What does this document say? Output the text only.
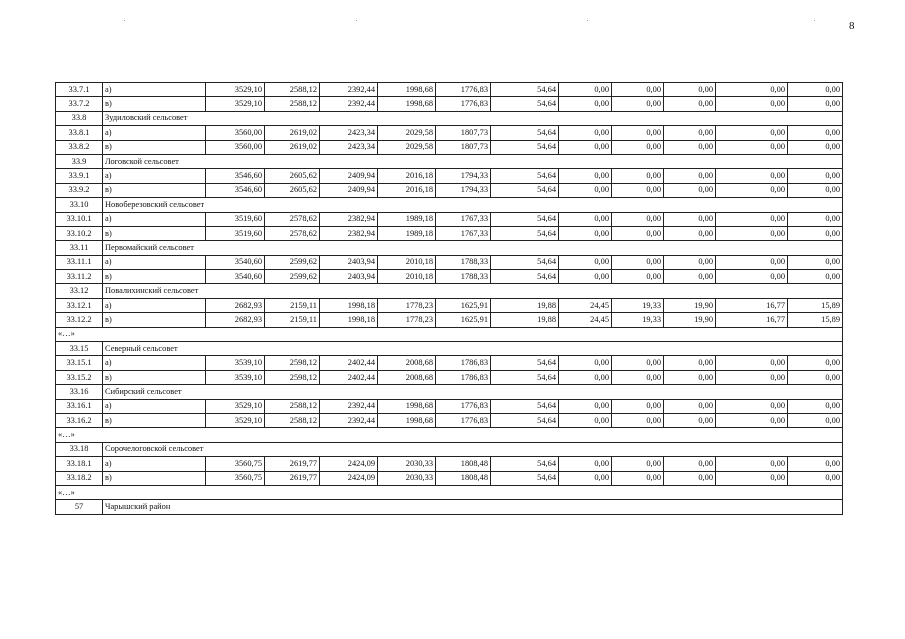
8
33.7.1	а)	3529,10	2588,12	2392,44	1998,68	1776,83	54,64	0,00	0,00	0,00	0,00	0,00
33.7.2	в)	3529,10	2588,12	2392,44	1998,68	1776,83	54,64	0,00	0,00	0,00	0,00	0,00
33.8	Зудиловский сельсовет											
33.8.1	а)	3560,00	2619,02	2423,34	2029,58	1807,73	54,64	0,00	0,00	0,00	0,00	0,00
33.8.2	в)	3560,00	2619,02	2423,34	2029,58	1807,73	54,64	0,00	0,00	0,00	0,00	0,00
33.9	Логовской сельсовет											
33.9.1	а)	3546,60	2605,62	2409,94	2016,18	1794,33	54,64	0,00	0,00	0,00	0,00	0,00
33.9.2	в)	3546,60	2605,62	2409,94	2016,18	1794,33	54,64	0,00	0,00	0,00	0,00	0,00
33.10	Новоберезовский сельсовет											
33.10.1	а)	3519,60	2578,62	2382,94	1989,18	1767,33	54,64	0,00	0,00	0,00	0,00	0,00
33.10.2	в)	3519,60	2578,62	2382,94	1989,18	1767,33	54,64	0,00	0,00	0,00	0,00	0,00
33.11	Первомайский сельсовет											
33.11.1	а)	3540,60	2599,62	2403,94	2010,18	1788,33	54,64	0,00	0,00	0,00	0,00	0,00
33.11.2	в)	3540,60	2599,62	2403,94	2010,18	1788,33	54,64	0,00	0,00	0,00	0,00	0,00
33.12	Повалихинский сельсовет											
33.12.1	а)	2682,93	2159,11	1998,18	1778,23	1625,91	19,88	24,45	19,33	19,90	16,77	15,89
33.12.2	в)	2682,93	2159,11	1998,18	1778,23	1625,91	19,88	24,45	19,33	19,90	16,77	15,89
«…»												
33.15	Северный сельсовет											
33.15.1	а)	3539,10	2598,12	2402,44	2008,68	1786,83	54,64	0,00	0,00	0,00	0,00	0,00
33.15.2	в)	3539,10	2598,12	2402,44	2008,68	1786,83	54,64	0,00	0,00	0,00	0,00	0,00
33.16	Сибирский сельсовет											
33.16.1	а)	3529,10	2588,12	2392,44	1998,68	1776,83	54,64	0,00	0,00	0,00	0,00	0,00
33.16.2	в)	3529,10	2588,12	2392,44	1998,68	1776,83	54,64	0,00	0,00	0,00	0,00	0,00
«…»												
33.18	Сорочелоговской сельсовет											
33.18.1	а)	3560,75	2619,77	2424,09	2030,33	1808,48	54,64	0,00	0,00	0,00	0,00	0,00
33.18.2	в)	3560,75	2619,77	2424,09	2030,33	1808,48	54,64	0,00	0,00	0,00	0,00	0,00
«…»												
57	Чарышский район											
